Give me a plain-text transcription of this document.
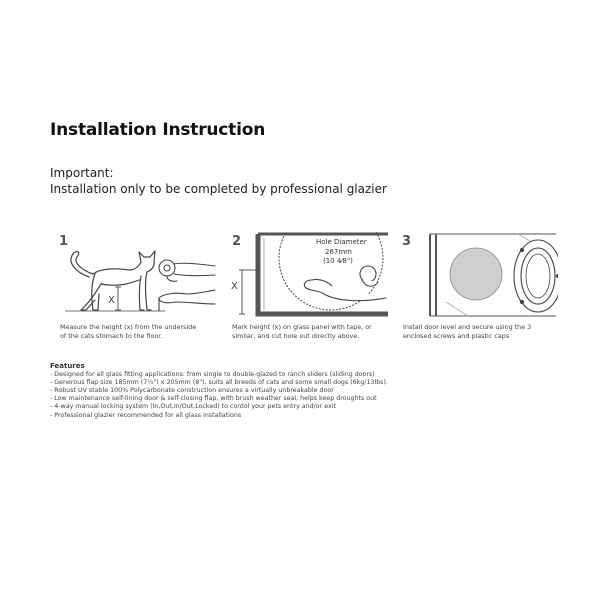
Installation Instruction
Important:
Installation only to be completed by professional glazier
1
X
Measure the height (x) from the underside
of the cats stomach to the floor.
2	Hole Diameter
267mm
(10 4⁄8")
X
Mark height (x) on glass panel with tape, or
similar, and cut hole out directly above.
3
Install door level and secure using the 3
enclosed screws and plastic caps
Features
- Designed for all glass fitting applications: from single to double-glazed to ranch sliders (sliding doors)
- Generous flap size 185mm (7¼") x 205mm (8"), suits all breeds of cats and some small dogs (6kg/13lbs).
- Robust UV stable 100% Polycarbonate construction ensures a virtually unbreakable door
- Low maintenance self-lining door & self-closing flap, with brush weather seal, helps keep droughts out
- 4-way manual locking system (In,Out,In/Out,Locked) to contol your pets entry and/or exit
- Professional glazier recommended for all glass installations
